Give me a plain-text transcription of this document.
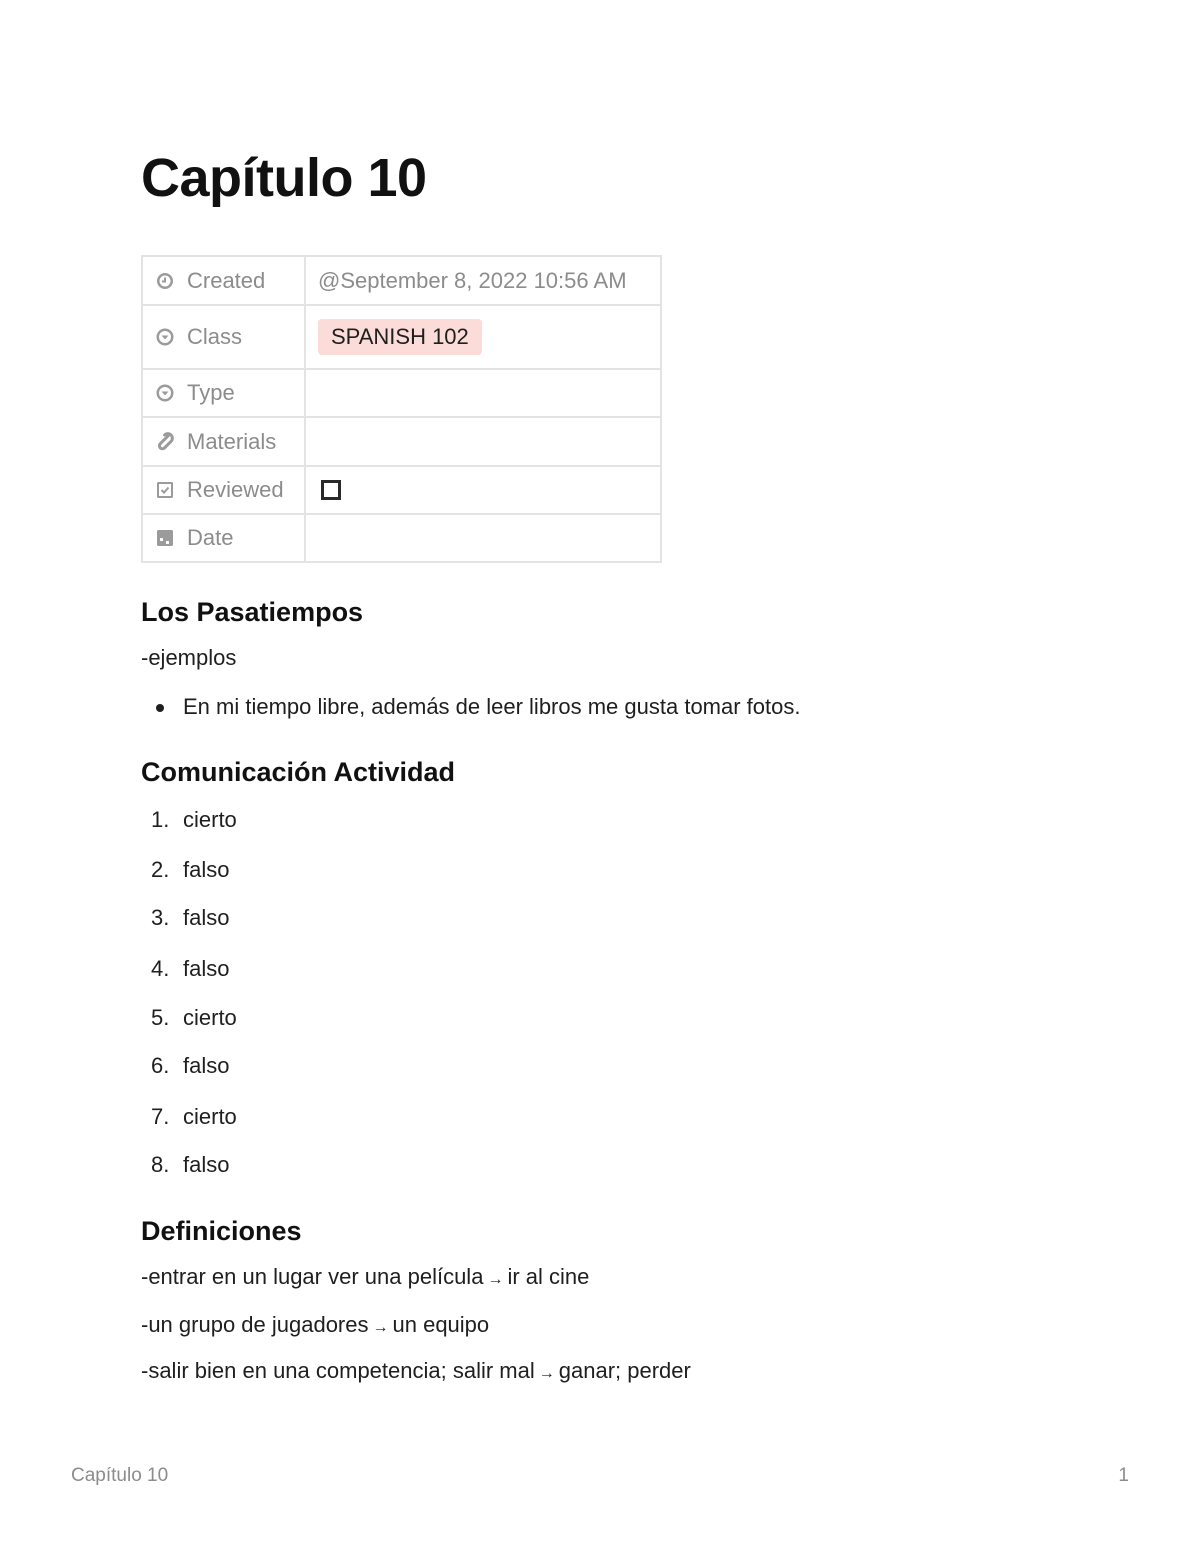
Capítulo 10
Created	@September 8, 2022 10:56 AM

Class	SPANISH 102

Type	

Materials	

Reviewed	

Date	

Los Pasatiempos

-ejemplos

En mi tiempo libre, además de leer libros me gusta tomar fotos.
Comunicación Actividad
1. cierto
2. falso
3. falso
4. falso
5. cierto
6. falso
7. cierto
8. falso
Definiciones

-entrar en un lugar ver una película → ir al cine

-un grupo de jugadores → un equipo

-salir bien en una competencia; salir mal → ganar; perder

Capítulo 10	1
